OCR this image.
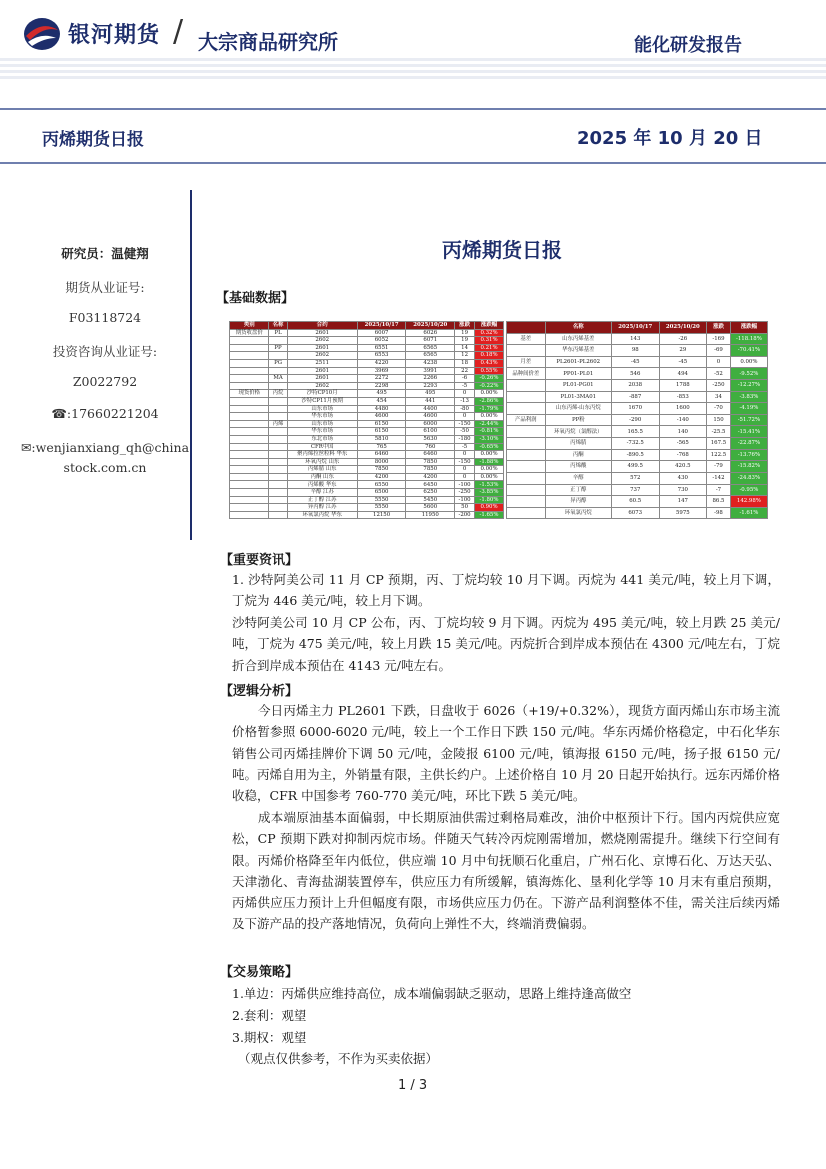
银河期货 / 大宗商品研究所	能化研发报告
丙烯期货日报	2025 年 10 月 20 日
研究员：温健翔
期货从业证号:
F03118724
投资咨询从业证号:
Z0022792
☎:17660221204
✉:wenjianxiang_qh@china
stock.com.cn
丙烯期货日报
【基础数据】
类别	名称	合约	2025/10/17	2025/10/20	涨跌	涨跌幅
期货收盘价	PL	2601	6007	6026	19	0.32%
		2602	6052	6071	19	0.31%
	PP	2601	6551	6565	14	0.21%
		2602	6553	6565	12	0.18%
	PG	2511	4220	4238	18	0.43%
		2601	3969	3991	22	0.55%
	MA	2601	2272	2266	-6	-0.26%
		2602	2298	2293	-5	-0.22%
现货价格	丙烷	沙特CP10月	495	495	0	0.00%
		沙特CP11月预期	454	441	-13	-2.86%
		山东市场	4480	4400	-80	-1.79%
		华东市场	4600	4600	0	0.00%
	丙烯	山东市场	6150	6000	-150	-2.44%
		华东市场	6150	6100	-50	-0.81%
		东北市场	5810	5630	-180	-3.10%
		CFR中国	765	760	-5	-0.65%
		聚丙烯拉丝粒料 华东	6460	6460	0	0.00%
		环氧丙烷 山东	8000	7850	-150	-1.88%
		丙烯腈 山东	7850	7850	0	0.00%
		丙酮 山东	4200	4200	0	0.00%
		丙烯酸 华东	6550	6450	-100	-1.53%
		辛醇 江苏	6500	6250	-250	-3.85%
		正丁醇 江苏	5550	5450	-100	-1.80%
		异丙醇 江苏	5550	5600	50	0.90%
		环氧氯丙烷 华东	12150	11950	-200	-1.65%
	名称	2025/10/17	2025/10/20	涨跌	涨跌幅
基差	山东丙烯基差	143	-26	-169	-118.18%
	华东丙烯基差	98	29	-69	-70.41%
月差	PL2601-PL2602	-45	-45	0	0.00%
品种间价差	PP01-PL01	546	494	-52	-9.52%
	PL01-PG01	2038	1788	-250	-12.27%
	PL01-3MA01	-887	-853	34	-3.83%
	山东丙烯-山东丙烷	1670	1600	-70	-4.19%
产品利润	PP粉	-290	-140	150	-51.72%
	环氧丙烷（氯醇法）	165.5	140	-25.5	-15.41%
	丙烯腈	-732.5	-565	167.5	-22.87%
	丙酮	-890.5	-768	122.5	-13.76%
	丙烯酸	499.5	420.5	-79	-15.82%
	辛醇	572	430	-142	-24.83%
	正丁醇	737	730	-7	-0.95%
	异丙醇	60.5	147	86.5	142.98%
	环氧氯丙烷	6073	5975	-98	-1.61%
【重要资讯】
1. 沙特阿美公司 11 月 CP 预期，丙、丁烷均较 10 月下调。丙烷为 441 美元/吨，较上月下调，丁烷为 446 美元/吨，较上月下调。
沙特阿美公司 10 月 CP 公布，丙、丁烷均较 9 月下调。丙烷为 495 美元/吨，较上月跌 25 美元/吨，丁烷为 475 美元/吨，较上月跌 15 美元/吨。丙烷折合到岸成本预估在 4300 元/吨左右，丁烷折合到岸成本预估在 4143 元/吨左右。
【逻辑分析】
今日丙烯主力 PL2601 下跌，日盘收于 6026（+19/+0.32%），现货方面丙烯山东市场主流价格暂参照 6000-6020 元/吨，较上一个工作日下跌 150 元/吨。华东丙烯价格稳定，中石化华东销售公司丙烯挂牌价下调 50 元/吨，金陵报 6100 元/吨，镇海报 6150 元/吨，扬子报 6150 元/吨。丙烯自用为主，外销量有限，主供长约户。上述价格自 10 月 20 日起开始执行。远东丙烯价格收稳，CFR 中国参考 760-770 美元/吨，环比下跌 5 美元/吨。
成本端原油基本面偏弱，中长期原油供需过剩格局难改，油价中枢预计下行。国内丙烷供应宽松，CP 预期下跌对抑制丙烷市场。伴随天气转冷丙烷刚需增加，燃烧刚需提升。继续下行空间有限。丙烯价格降至年内低位，供应端 10 月中旬抚顺石化重启，广州石化、京博石化、万达天弘、天津渤化、青海盐湖装置停车，供应压力有所缓解，镇海炼化、垦利化学等 10 月末有重启预期，丙烯供应压力预计上升但幅度有限，市场供应压力仍在。下游产品利润整体不佳，需关注后续丙烯及下游产品的投产落地情况，负荷向上弹性不大，终端消费偏弱。
【交易策略】
1.单边：丙烯供应维持高位，成本端偏弱缺乏驱动，思路上维持逢高做空
2.套利：观望
3.期权：观望
（观点仅供参考，不作为买卖依据）
1 / 3
